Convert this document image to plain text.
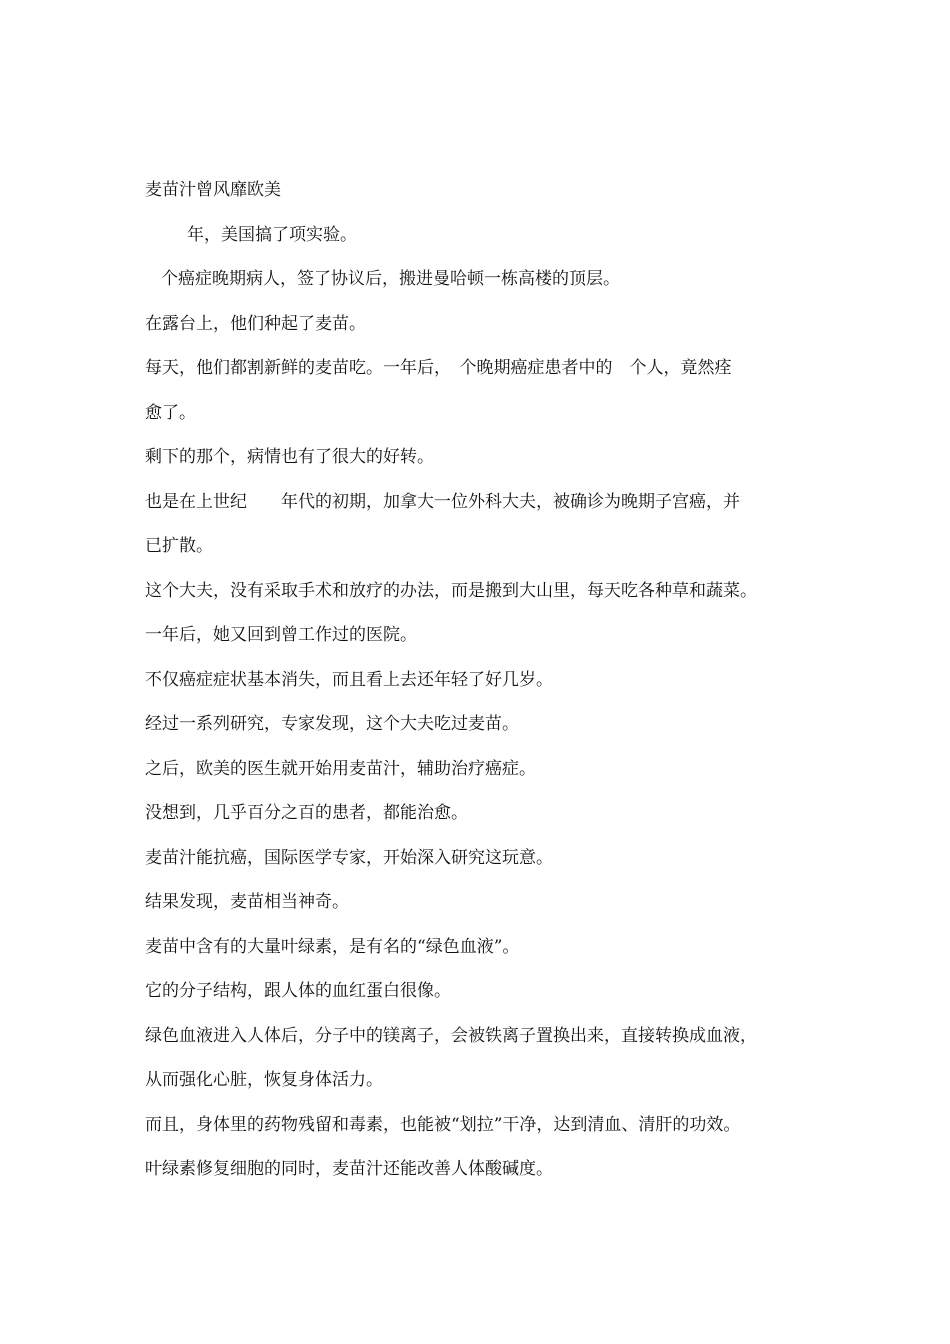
麦苗汁曾风靡欧美
　　年，美国搞了项实验。
个癌症晚期病人，签了协议后，搬进曼哈顿一栋高楼的顶层。
在露台上，他们种起了麦苗。
每天，他们都割新鲜的麦苗吃。一年后，　个晚期癌症患者中的　个人，竟然痊
愈了。
剩下的那个，病情也有了很大的好转。
也是在上世纪　　年代的初期，加拿大一位外科大夫，被确诊为晚期子宫癌，并
已扩散。
这个大夫，没有采取手术和放疗的办法，而是搬到大山里，每天吃各种草和蔬菜。
一年后，她又回到曾工作过的医院。
不仅癌症症状基本消失，而且看上去还年轻了好几岁。
经过一系列研究，专家发现，这个大夫吃过麦苗。
之后，欧美的医生就开始用麦苗汁，辅助治疗癌症。
没想到，几乎百分之百的患者，都能治愈。
麦苗汁能抗癌，国际医学专家，开始深入研究这玩意。
结果发现，麦苗相当神奇。
麦苗中含有的大量叶绿素，是有名的“绿色血液”。
它的分子结构，跟人体的血红蛋白很像。
绿色血液进入人体后，分子中的镁离子，会被铁离子置换出来，直接转换成血液，
从而强化心脏，恢复身体活力。
而且，身体里的药物残留和毒素，也能被“划拉”干净，达到清血、清肝的功效。
叶绿素修复细胞的同时，麦苗汁还能改善人体酸碱度。
